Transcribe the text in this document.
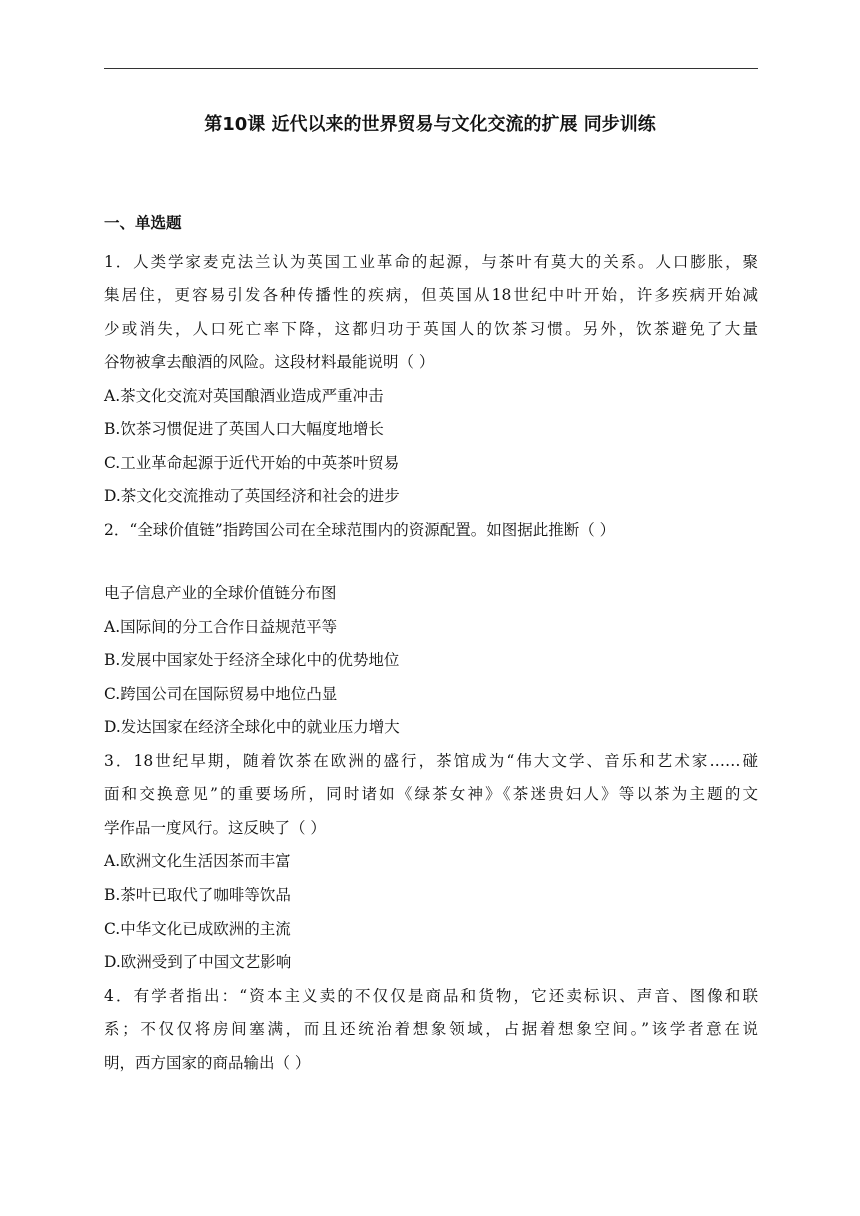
第10课 近代以来的世界贸易与文化交流的扩展 同步训练
一、单选题
1．人类学家麦克法兰认为英国工业革命的起源，与茶叶有莫大的关系。人口膨胀，聚
集居住，更容易引发各种传播性的疾病，但英国从18世纪中叶开始，许多疾病开始减
少或消失，人口死亡率下降，这都归功于英国人的饮茶习惯。另外，饮茶避免了大量
谷物被拿去酿酒的风险。这段材料最能说明（ ）
A.茶文化交流对英国酿酒业造成严重冲击
B.饮茶习惯促进了英国人口大幅度地增长
C.工业革命起源于近代开始的中英茶叶贸易
D.茶文化交流推动了英国经济和社会的进步
2．“全球价值链”指跨国公司在全球范围内的资源配置。如图据此推断（ ）
电子信息产业的全球价值链分布图
A.国际间的分工合作日益规范平等
B.发展中国家处于经济全球化中的优势地位
C.跨国公司在国际贸易中地位凸显
D.发达国家在经济全球化中的就业压力增大
3．18世纪早期，随着饮茶在欧洲的盛行，茶馆成为“伟大文学、音乐和艺术家……碰
面和交换意见”的重要场所，同时诸如《绿茶女神》《茶迷贵妇人》等以茶为主题的文
学作品一度风行。这反映了（ ）
A.欧洲文化生活因茶而丰富
B.茶叶已取代了咖啡等饮品
C.中华文化已成欧洲的主流
D.欧洲受到了中国文艺影响
4．有学者指出：“资本主义卖的不仅仅是商品和货物，它还卖标识、声音、图像和联
系；不仅仅将房间塞满，而且还统治着想象领域，占据着想象空间。”该学者意在说
明，西方国家的商品输出（ ）
